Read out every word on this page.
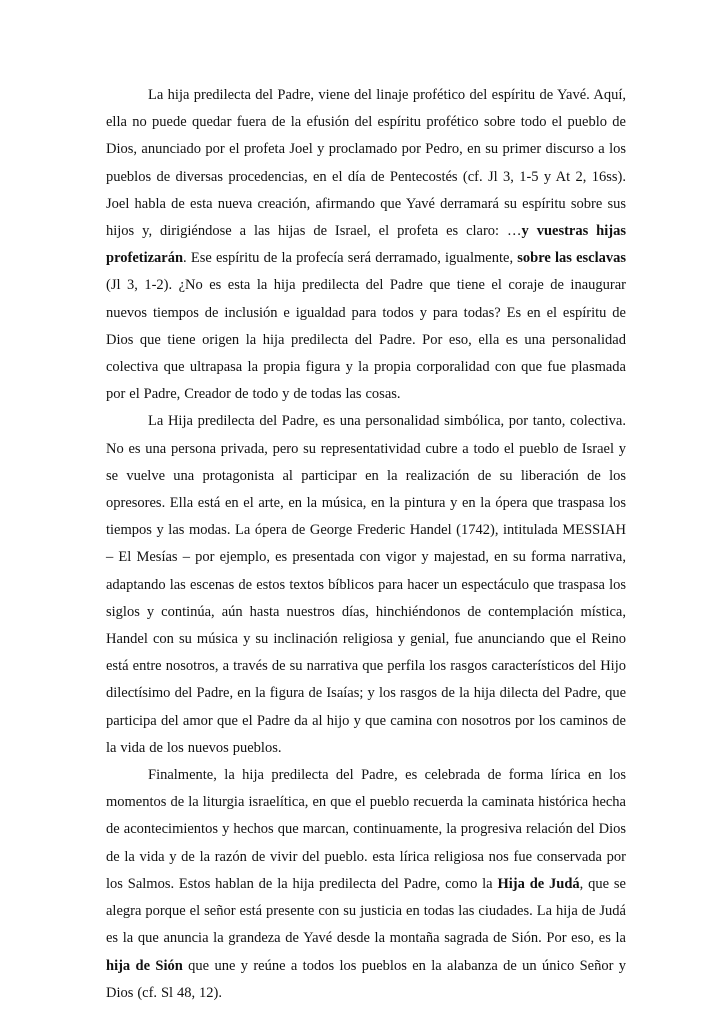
La hija predilecta del Padre, viene del linaje profético del espíritu de Yavé. Aquí, ella no puede quedar fuera de la efusión del espíritu profético sobre todo el pueblo de Dios, anunciado por el profeta Joel y proclamado por Pedro, en su primer discurso a los pueblos de diversas procedencias, en el día de Pentecostés (cf. Jl 3, 1-5 y At 2, 16ss). Joel habla de esta nueva creación, afirmando que Yavé derramará su espíritu sobre sus hijos y, dirigiéndose a las hijas de Israel, el profeta es claro: …y vuestras hijas profetizarán. Ese espíritu de la profecía será derramado, igualmente, sobre las esclavas (Jl 3, 1-2). ¿No es esta la hija predilecta del Padre que tiene el coraje de inaugurar nuevos tiempos de inclusión e igualdad para todos y para todas? Es en el espíritu de Dios que tiene origen la hija predilecta del Padre. Por eso, ella es una personalidad colectiva que ultrapasa la propia figura y la propia corporalidad con que fue plasmada por el Padre, Creador de todo y de todas las cosas.

La Hija predilecta del Padre, es una personalidad simbólica, por tanto, colectiva. No es una persona privada, pero su representatividad cubre a todo el pueblo de Israel y se vuelve una protagonista al participar en la realización de su liberación de los opresores. Ella está en el arte, en la música, en la pintura y en la ópera que traspasa los tiempos y las modas. La ópera de George Frederic Handel (1742), intitulada MESSIAH – El Mesías – por ejemplo, es presentada con vigor y majestad, en su forma narrativa, adaptando las escenas de estos textos bíblicos para hacer un espectáculo que traspasa los siglos y continúa, aún hasta nuestros días, hinchiéndonos de contemplación mística, Handel con su música y su inclinación religiosa y genial, fue anunciando que el Reino está entre nosotros, a través de su narrativa que perfila los rasgos característicos del Hijo dilectísimo del Padre, en la figura de Isaías; y los rasgos de la hija dilecta del Padre, que participa del amor que el Padre da al hijo y que camina con nosotros por los caminos de la vida de los nuevos pueblos.

Finalmente, la hija predilecta del Padre, es celebrada de forma lírica en los momentos de la liturgia israelítica, en que el pueblo recuerda la caminata histórica hecha de acontecimientos y hechos que marcan, continuamente, la progresiva relación del Dios de la vida y de la razón de vivir del pueblo. esta lírica religiosa nos fue conservada por los Salmos. Estos hablan de la hija predilecta del Padre, como la Hija de Judá, que se alegra porque el señor está presente con su justicia en todas las ciudades. La hija de Judá es la que anuncia la grandeza de Yavé desde la montaña sagrada de Sión. Por eso, es la hija de Sión que une y reúne a todos los pueblos en la alabanza de un único Señor y Dios (cf. Sl 48, 12).
